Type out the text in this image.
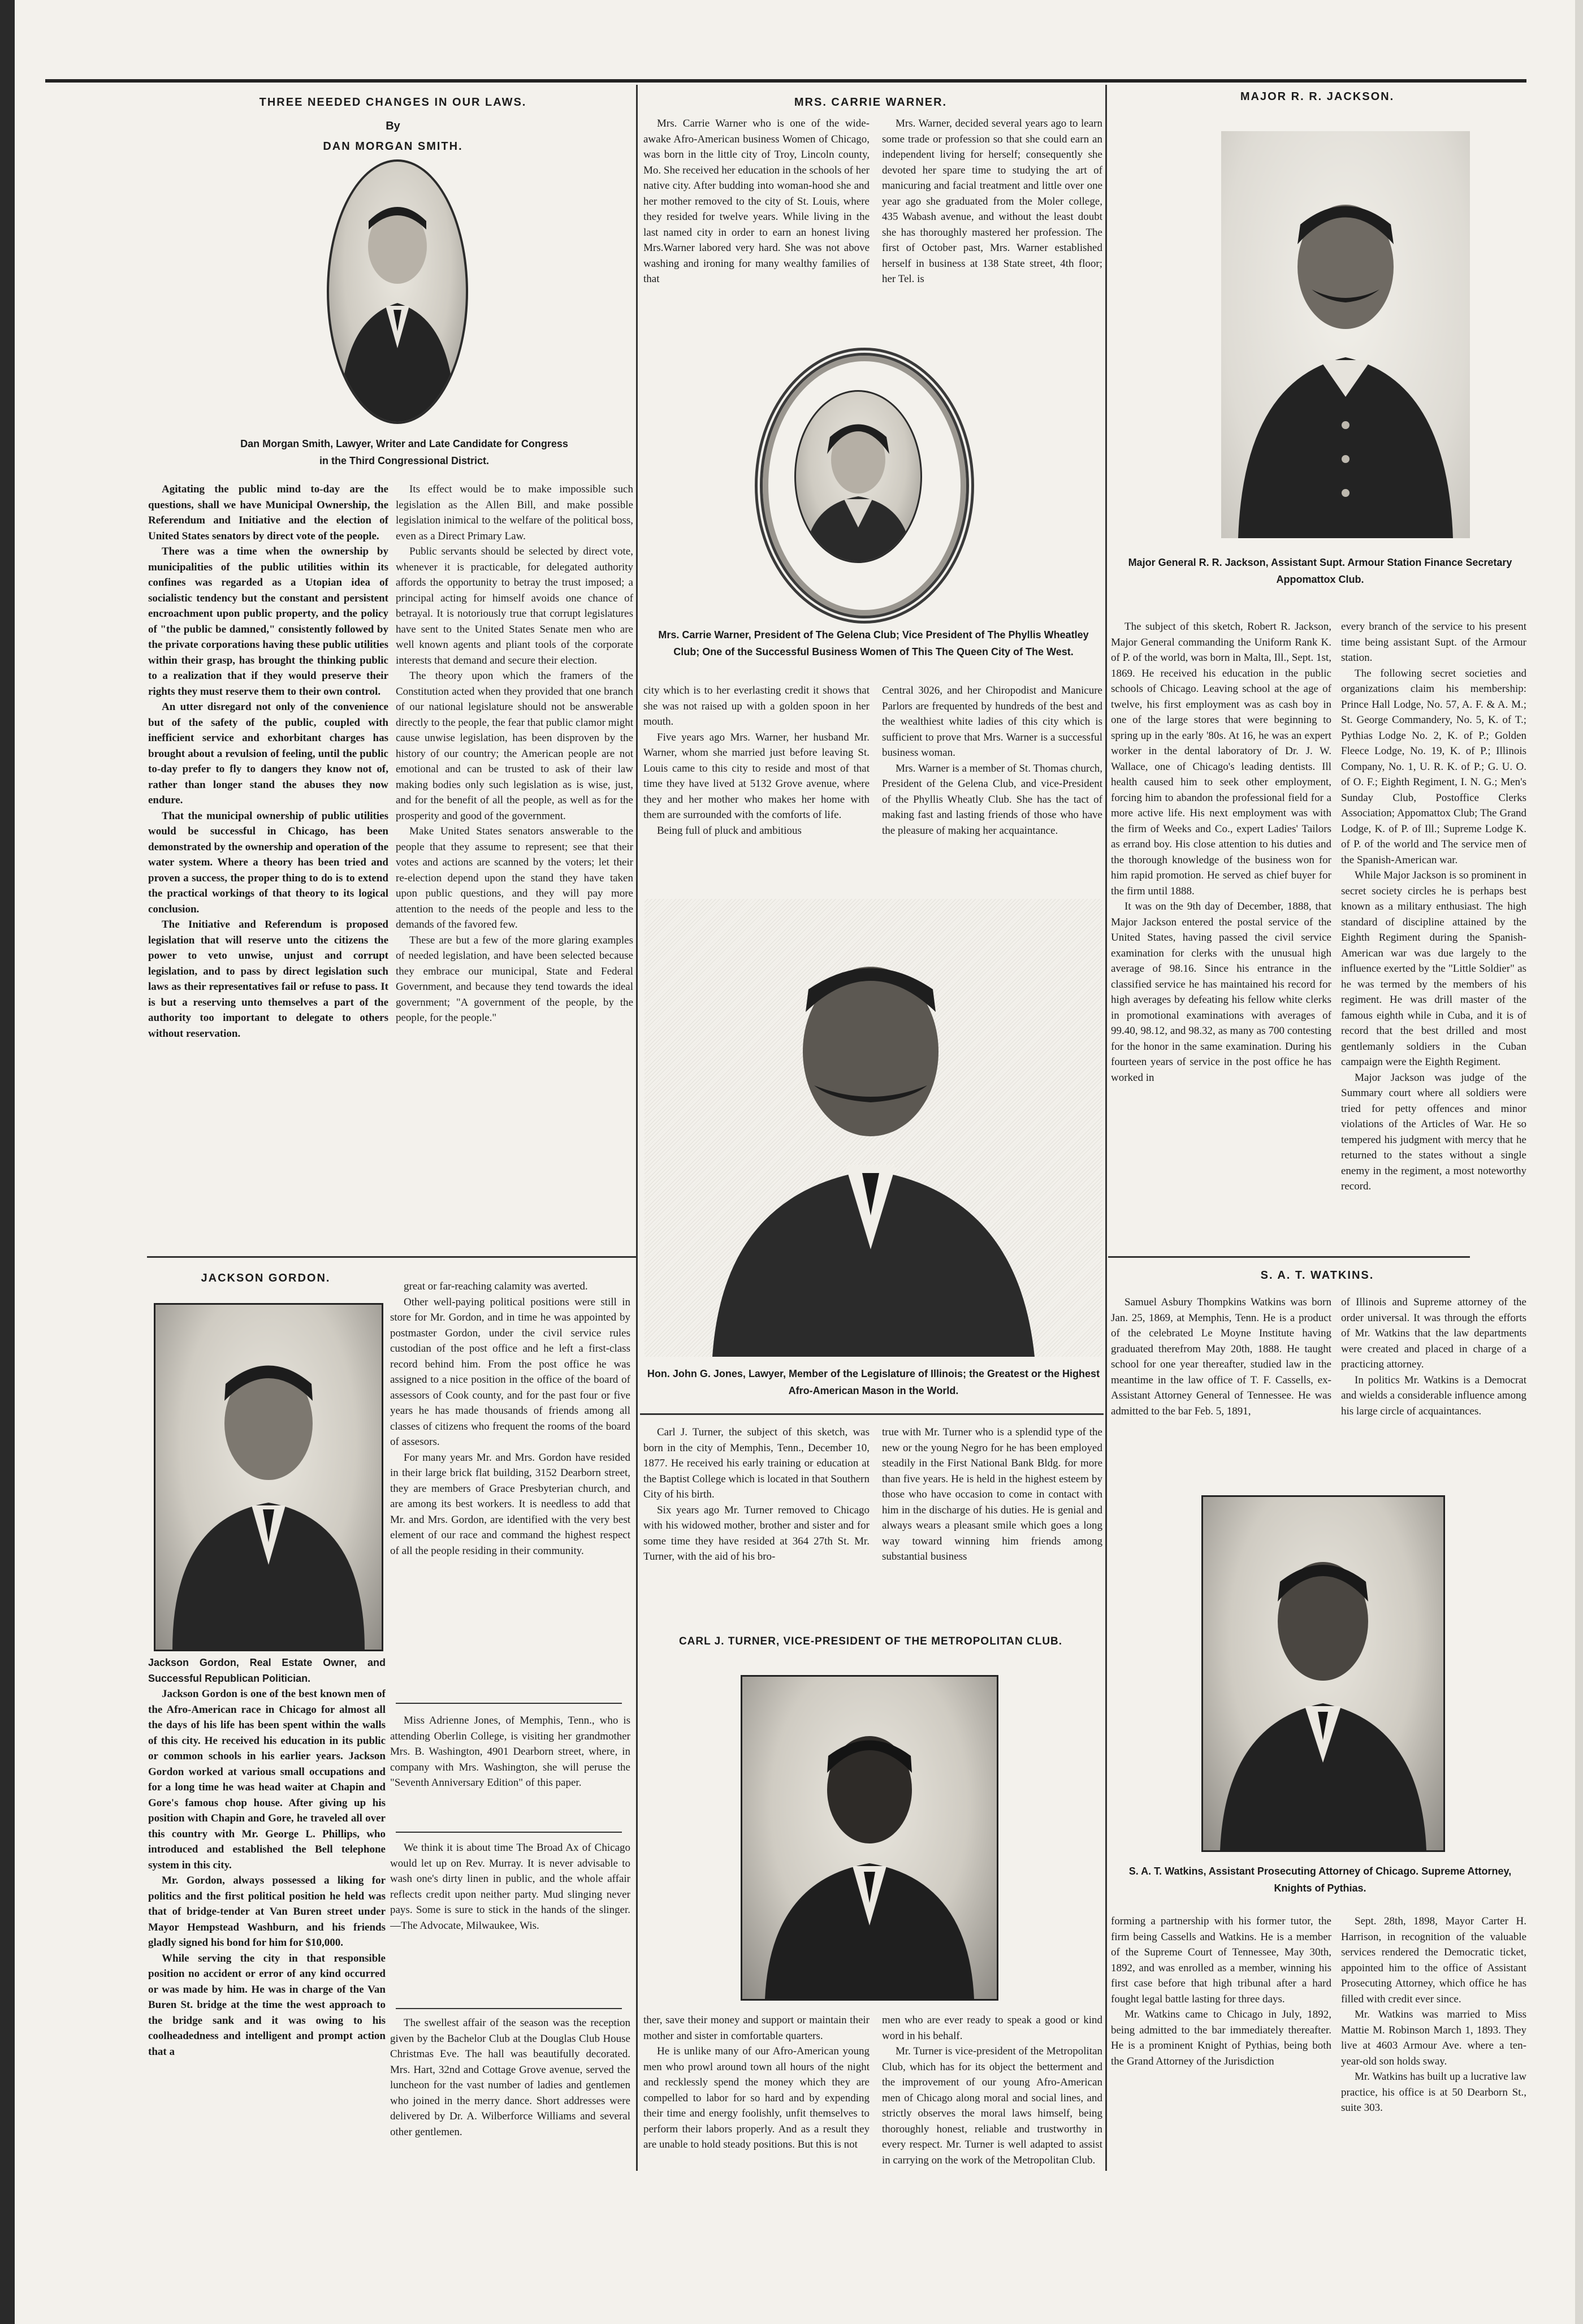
THREE NEEDED CHANGES IN OUR LAWS.
By
DAN MORGAN SMITH.
Dan Morgan Smith, Lawyer, Writer and Late Candidate for Congress
in the Third Congressional District.

Agitating the public mind to-day are the questions, shall we have Municipal Ownership, the Referendum and Initiative and the election of United States senators by direct vote of the people.

There was a time when the ownership by municipalities of the public utilities within its confines was regarded as a Utopian idea of socialistic tendency but the constant and persistent encroachment upon public property, and the policy of "the public be damned," consistently followed by the private corporations having these public utilities within their grasp, has brought the thinking public to a realization that if they would preserve their rights they must reserve them to their own control.

An utter disregard not only of the convenience but of the safety of the public, coupled with inefficient service and exhorbitant charges has brought about a revulsion of feeling, until the public to-day prefer to fly to dangers they know not of, rather than longer stand the abuses they now endure.

That the municipal ownership of public utilities would be successful in Chicago, has been demonstrated by the ownership and operation of the water system. Where a theory has been tried and proven a success, the proper thing to do is to extend the practical workings of that theory to its logical conclusion.

The Initiative and Referendum is proposed legislation that will reserve unto the citizens the power to veto unwise, unjust and corrupt legislation, and to pass by direct legislation such laws as their representatives fail or refuse to pass. It is but a reserving unto themselves a part of the authority too important to delegate to others without reservation.

Its effect would be to make impossible such legislation as the Allen Bill, and make possible legislation inimical to the welfare of the political boss, even as a Direct Primary Law.

Public servants should be selected by direct vote, whenever it is practicable, for delegated authority affords the opportunity to betray the trust imposed; a principal acting for himself avoids one chance of betrayal. It is notoriously true that corrupt legislatures have sent to the United States Senate men who are well known agents and pliant tools of the corporate interests that demand and secure their election.

The theory upon which the framers of the Constitution acted when they provided that one branch of our national legislature should not be answerable directly to the people, the fear that public clamor might cause unwise legislation, has been disproven by the history of our country; the American people are not emotional and can be trusted to ask of their law making bodies only such legislation as is wise, just, and for the benefit of all the people, as well as for the prosperity and good of the government.

Make United States senators answerable to the people that they assume to represent; see that their votes and actions are scanned by the voters; let their re-election depend upon the stand they have taken upon public questions, and they will pay more attention to the needs of the people and less to the demands of the favored few.

These are but a few of the more glaring examples of needed legislation, and have been selected because they embrace our municipal, State and Federal Government, and because they tend towards the ideal government; "A government of the people, by the people, for the people."

JACKSON GORDON.

Jackson Gordon, Real Estate Owner, and Successful Republican Politician.

Jackson Gordon is one of the best known men of the Afro-American race in Chicago for almost all the days of his life has been spent within the walls of this city. He received his education in its public or common schools in his earlier years. Jackson Gordon worked at various small occupations and for a long time he was head waiter at Chapin and Gore's famous chop house. After giving up his position with Chapin and Gore, he traveled all over this country with Mr. George L. Phillips, who introduced and established the Bell telephone system in this city.

Mr. Gordon, always possessed a liking for politics and the first political position he held was that of bridge-tender at Van Buren street under Mayor Hempstead Washburn, and his friends gladly signed his bond for him for $10,000.

While serving the city in that responsible position no accident or error of any kind occurred or was made by him. He was in charge of the Van Buren St. bridge at the time the west approach to the bridge sank and it was owing to his coolheadedness and intelligent and prompt action that a

great or far-reaching calamity was averted.

Other well-paying political positions were still in store for Mr. Gordon, and in time he was appointed by postmaster Gordon, under the civil service rules custodian of the post office and he left a first-class record behind him. From the post office he was assigned to a nice position in the office of the board of assessors of Cook county, and for the past four or five years he has made thousands of friends among all classes of citizens who frequent the rooms of the board of assesors.

For many years Mr. and Mrs. Gordon have resided in their large brick flat building, 3152 Dearborn street, they are members of Grace Presbyterian church, and are among its best workers. It is needless to add that Mr. and Mrs. Gordon, are identified with the very best element of our race and command the highest respect of all the people residing in their community.

Miss Adrienne Jones, of Memphis, Tenn., who is attending Oberlin College, is visiting her grandmother Mrs. B. Washington, 4901 Dearborn street, where, in company with Mrs. Washington, she will peruse the "Seventh Anniversary Edition" of this paper.

We think it is about time The Broad Ax of Chicago would let up on Rev. Murray. It is never advisable to wash one's dirty linen in public, and the whole affair reflects credit upon neither party. Mud slinging never pays. Some is sure to stick in the hands of the slinger.—The Advocate, Milwaukee, Wis.

The swellest affair of the season was the reception given by the Bachelor Club at the Douglas Club House Christmas Eve. The hall was beautifully decorated. Mrs. Hart, 32nd and Cottage Grove avenue, served the luncheon for the vast number of ladies and gentlemen who joined in the merry dance. Short addresses were delivered by Dr. A. Wilberforce Williams and several other gentlemen.

MRS. CARRIE WARNER.

Mrs. Carrie Warner who is one of the wide-awake Afro-American business Women of Chicago, was born in the little city of Troy, Lincoln county, Mo. She received her education in the schools of her native city. After budding into woman-hood she and her mother removed to the city of St. Louis, where they resided for twelve years. While living in the last named city in order to earn an honest living Mrs.Warner labored very hard. She was not above washing and ironing for many wealthy families of that

Mrs. Warner, decided several years ago to learn some trade or profession so that she could earn an independent living for herself; consequently she devoted her spare time to studying the art of manicuring and facial treatment and little over one year ago she graduated from the Moler college, 435 Wabash avenue, and without the least doubt she has thoroughly mastered her profession. The first of October past, Mrs. Warner established herself in business at 138 State street, 4th floor; her Tel. is

Mrs. Carrie Warner, President of The Gelena Club; Vice President of The Phyllis Wheatley Club; One of the Successful Business Women of This The Queen City of The West.

city which is to her everlasting credit it shows that she was not raised up with a golden spoon in her mouth.

Five years ago Mrs. Warner, her husband Mr. Warner, whom she married just before leaving St. Louis came to this city to reside and most of that time they have lived at 5132 Grove avenue, where they and her mother who makes her home with them are surrounded with the comforts of life.

Being full of pluck and ambitious

Central 3026, and her Chiropodist and Manicure Parlors are frequented by hundreds of the best and the wealthiest white ladies of this city which is sufficient to prove that Mrs. Warner is a successful business woman.

Mrs. Warner is a member of St. Thomas church, President of the Gelena Club, and vice-President of the Phyllis Wheatly Club. She has the tact of making fast and lasting friends of those who have the pleasure of making her acquaintance.

Hon. John G. Jones, Lawyer, Member of the Legislature of Illinois; the Greatest or the Highest Afro-American Mason in the World.

Carl J. Turner, the subject of this sketch, was born in the city of Memphis, Tenn., December 10, 1877. He received his early training or education at the Baptist College which is located in that Southern City of his birth.

Six years ago Mr. Turner removed to Chicago with his widowed mother, brother and sister and for some time they have resided at 364 27th St. Mr. Turner, with the aid of his bro-

true with Mr. Turner who is a splendid type of the new or the young Negro for he has been employed steadily in the First National Bank Bldg. for more than five years. He is held in the highest esteem by those who have occasion to come in contact with him in the discharge of his duties. He is genial and always wears a pleasant smile which goes a long way toward winning him friends among substantial business

CARL J. TURNER, VICE-PRESIDENT OF THE METROPOLITAN CLUB.

ther, save their money and support or maintain their mother and sister in comfortable quarters.

He is unlike many of our Afro-American young men who prowl around town all hours of the night and recklessly spend the money which they are compelled to labor for so hard and by expending their time and energy foolishly, unfit themselves to perform their labors properly. And as a result they are unable to hold steady positions. But this is not

men who are ever ready to speak a good or kind word in his behalf.

Mr. Turner is vice-president of the Metropolitan Club, which has for its object the betterment and the improvement of our young Afro-American men of Chicago along moral and social lines, and strictly observes the moral laws himself, being thoroughly honest, reliable and trustworthy in every respect. Mr. Turner is well adapted to assist in carrying on the work of the Metropolitan Club.

MAJOR R. R. JACKSON.
Major General R. R. Jackson, Assistant Supt. Armour Station Finance Secretary Appomattox Club.

The subject of this sketch, Robert R. Jackson, Major General commanding the Uniform Rank K. of P. of the world, was born in Malta, Ill., Sept. 1st, 1869. He received his education in the public schools of Chicago. Leaving school at the age of twelve, his first employment was as cash boy in one of the large stores that were beginning to spring up in the early '80s. At 16, he was an expert worker in the dental laboratory of Dr. J. W. Wallace, one of Chicago's leading dentists. Ill health caused him to seek other employment, forcing him to abandon the professional field for a more active life. His next employment was with the firm of Weeks and Co., expert Ladies' Tailors as errand boy. His close attention to his duties and the thorough knowledge of the business won for him rapid promotion. He served as chief buyer for the firm until 1888.

It was on the 9th day of December, 1888, that Major Jackson entered the postal service of the United States, having passed the civil service examination for clerks with the unusual high average of 98.16. Since his entrance in the classified service he has maintained his record for high averages by defeating his fellow white clerks in promotional examinations with averages of 99.40, 98.12, and 98.32, as many as 700 contesting for the honor in the same examination. During his fourteen years of service in the post office he has worked in

every branch of the service to his present time being assistant Supt. of the Armour station.

The following secret societies and organizations claim his membership: Prince Hall Lodge, No. 57, A. F. & A. M.; St. George Commandery, No. 5, K. of T.; Pythias Lodge No. 2, K. of P.; Golden Fleece Lodge, No. 19, K. of P.; Illinois Company, No. 1, U. R. K. of P.; G. U. O. of O. F.; Eighth Regiment, I. N. G.; Men's Sunday Club, Postoffice Clerks Association; Appomattox Club; The Grand Lodge, K. of P. of Ill.; Supreme Lodge K. of P. of the world and The service men of the Spanish-American war.

While Major Jackson is so prominent in secret society circles he is perhaps best known as a military enthusiast. The high standard of discipline attained by the Eighth Regiment during the Spanish-American war was due largely to the influence exerted by the "Little Soldier" as he was termed by the members of his regiment. He was drill master of the famous eighth while in Cuba, and it is of record that the best drilled and most gentlemanly soldiers in the Cuban campaign were the Eighth Regiment.

Major Jackson was judge of the Summary court where all soldiers were tried for petty offences and minor violations of the Articles of War. He so tempered his judgment with mercy that he returned to the states without a single enemy in the regiment, a most noteworthy record.

S. A. T. WATKINS.

Samuel Asbury Thompkins Watkins was born Jan. 25, 1869, at Memphis, Tenn. He is a product of the celebrated Le Moyne Institute having graduated therefrom May 20th, 1888. He taught school for one year thereafter, studied law in the meantime in the law office of T. F. Cassells, ex-Assistant Attorney General of Tennessee. He was admitted to the bar Feb. 5, 1891,

of Illinois and Supreme attorney of the order universal. It was through the efforts of Mr. Watkins that the law departments were created and placed in charge of a practicing attorney.

In politics Mr. Watkins is a Democrat and wields a considerable influence among his large circle of acquaintances.

S. A. T. Watkins, Assistant Prosecuting Attorney of Chicago. Supreme Attorney, Knights of Pythias.

forming a partnership with his former tutor, the firm being Cassells and Watkins. He is a member of the Supreme Court of Tennessee, May 30th, 1892, and was enrolled as a member, winning his first case before that high tribunal after a hard fought legal battle lasting for three days.

Mr. Watkins came to Chicago in July, 1892, being admitted to the bar immediately thereafter. He is a prominent Knight of Pythias, being both the Grand Attorney of the Jurisdiction

Sept. 28th, 1898, Mayor Carter H. Harrison, in recognition of the valuable services rendered the Democratic ticket, appointed him to the office of Assistant Prosecuting Attorney, which office he has filled with credit ever since.

Mr. Watkins was married to Miss Mattie M. Robinson March 1, 1893. They live at 4603 Armour Ave. where a ten-year-old son holds sway.

Mr. Watkins has built up a lucrative law practice, his office is at 50 Dearborn St., suite 303.
